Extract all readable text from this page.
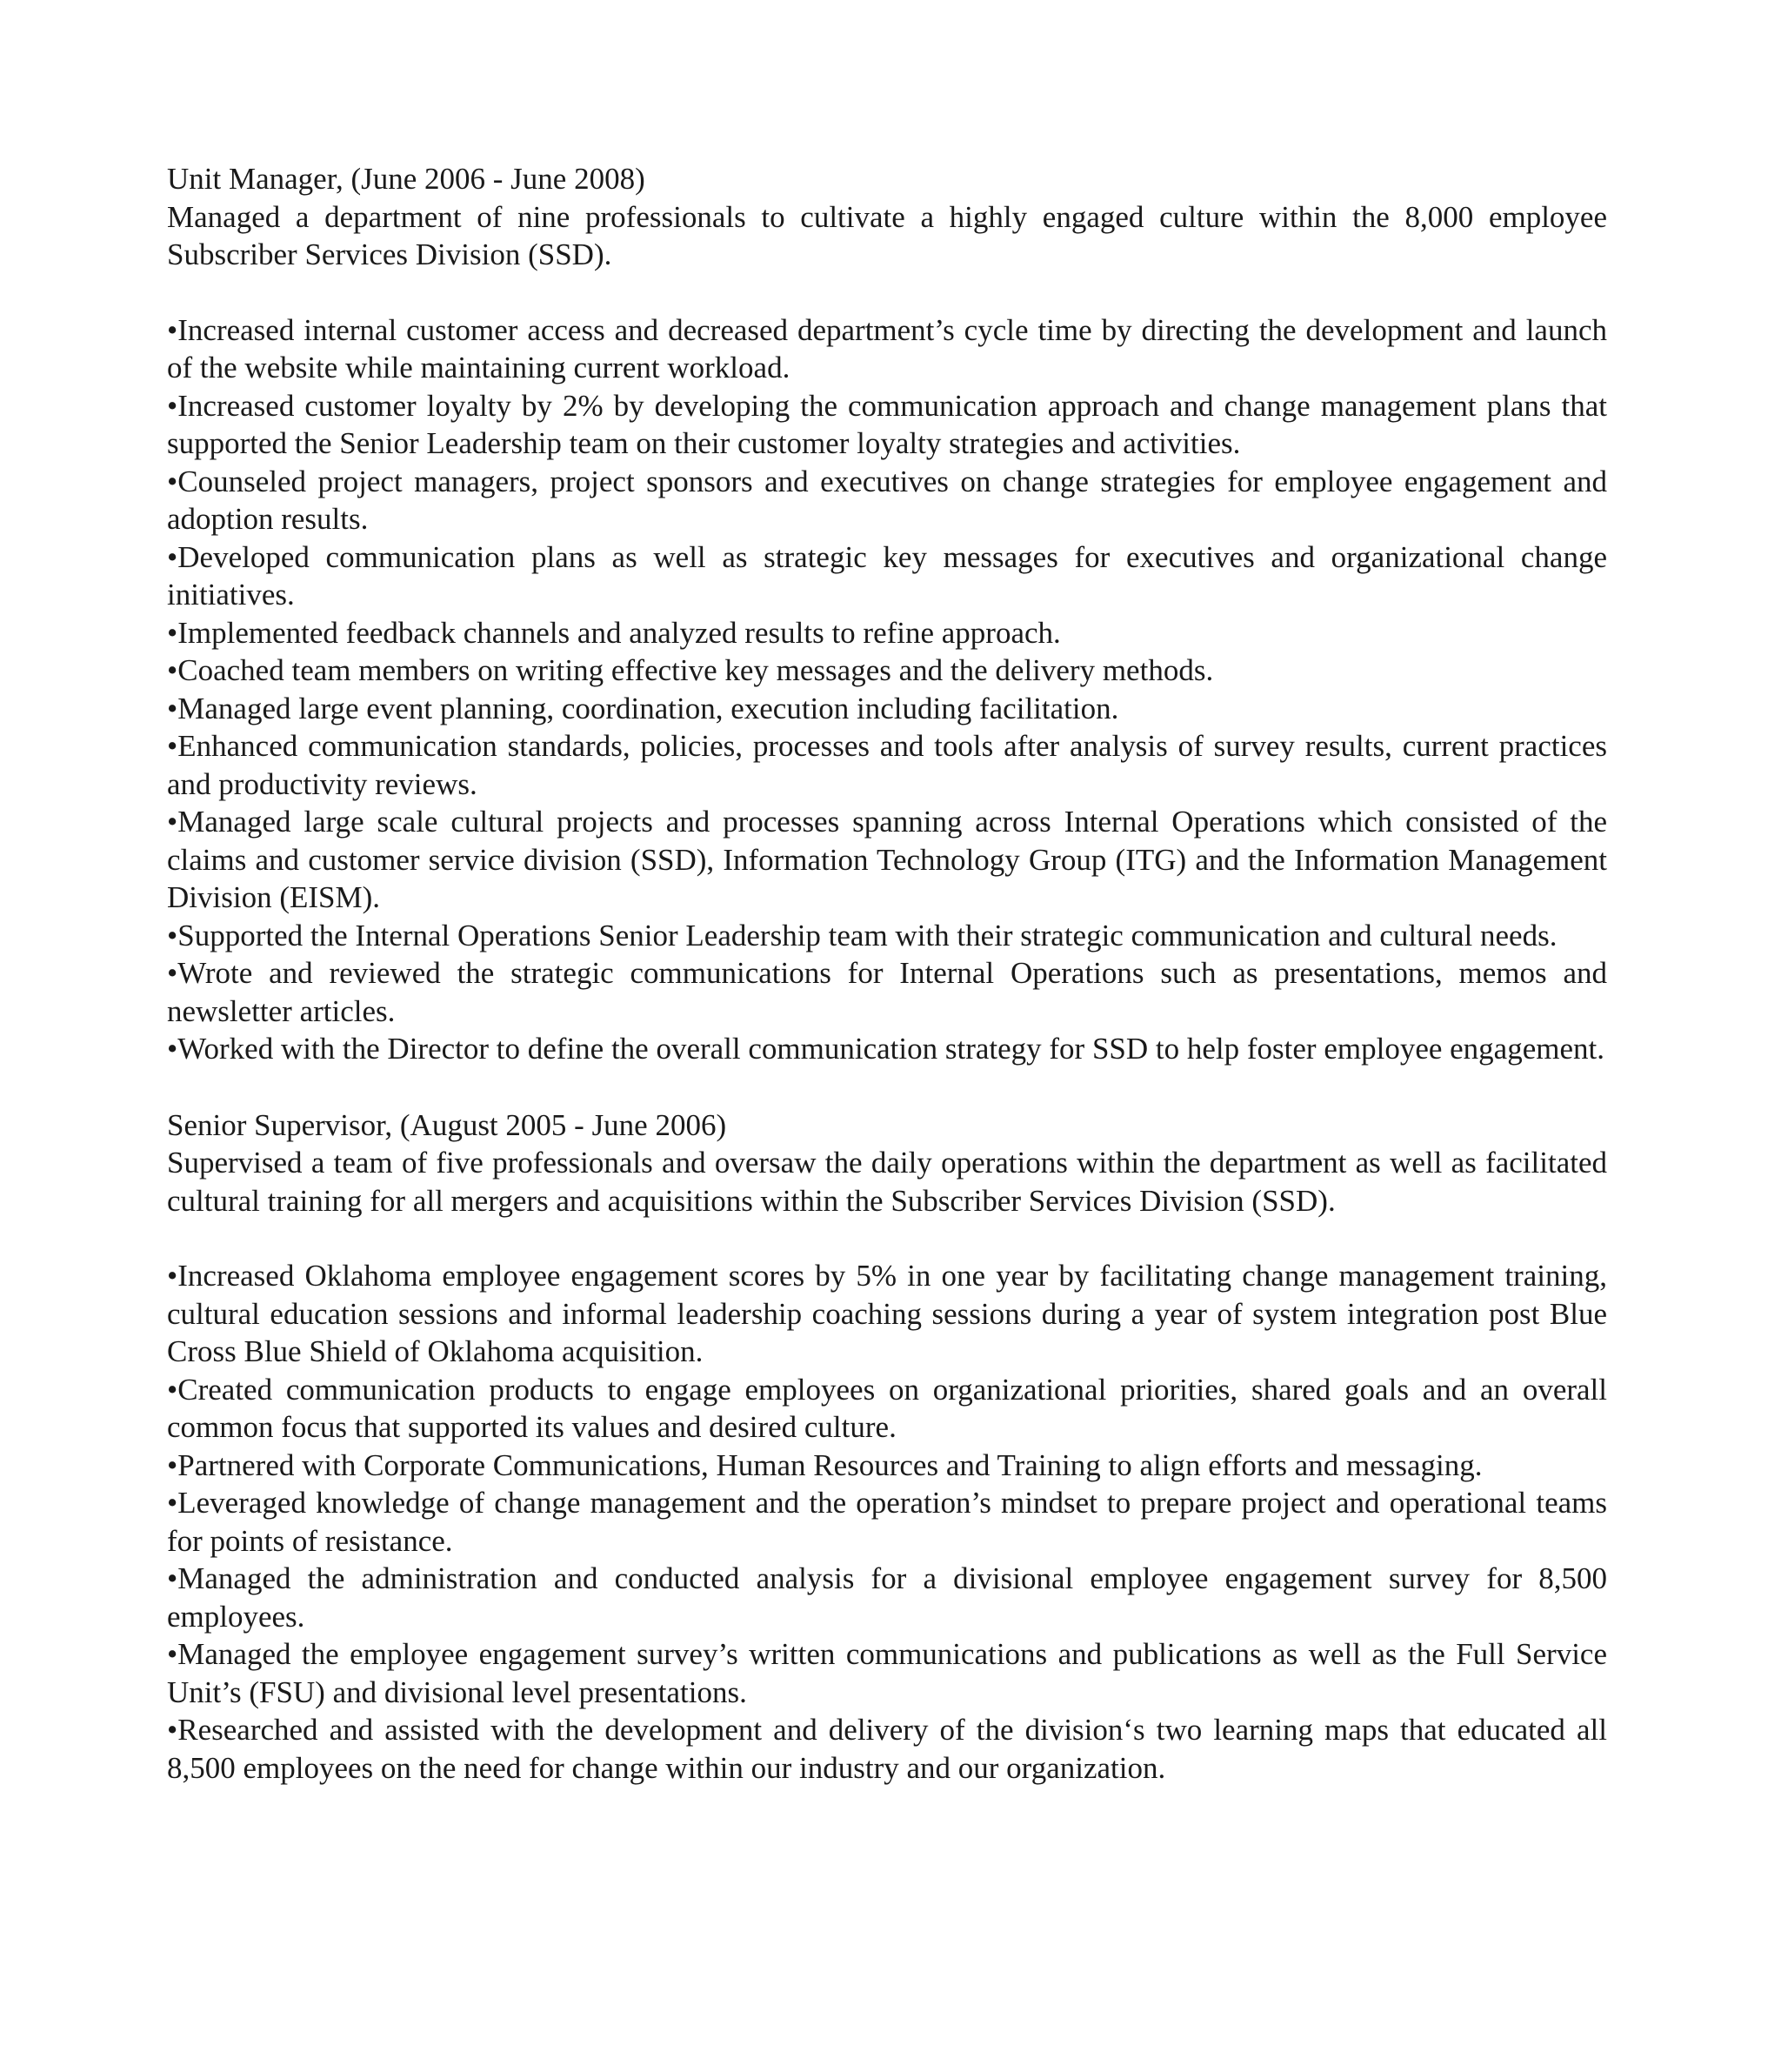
Unit Manager, (June 2006 - June 2008)

Managed a department of nine professionals to cultivate a highly engaged culture within the 8,000 employee Subscriber Services Division (SSD).

•Increased internal customer access and decreased department’s cycle time by directing the development and launch of the website while maintaining current workload.
•Increased customer loyalty by 2% by developing the communication approach and change management plans that supported the Senior Leadership team on their customer loyalty strategies and activities.
•Counseled project managers, project sponsors and executives on change strategies for employee engagement and adoption results.
•Developed communication plans as well as strategic key messages for executives and organizational change initiatives.
•Implemented feedback channels and analyzed results to refine approach.
•Coached team members on writing effective key messages and the delivery methods.
•Managed large event planning, coordination, execution including facilitation.
•Enhanced communication standards, policies, processes and tools after analysis of survey results, current practices and productivity reviews.
•Managed large scale cultural projects and processes spanning across Internal Operations which consisted of the claims and customer service division (SSD), Information Technology Group (ITG) and the Information Management Division (EISM).
•Supported the Internal Operations Senior Leadership team with their strategic communication and cultural needs.
•Wrote and reviewed the strategic communications for Internal Operations such as presentations, memos and newsletter articles.
•Worked with the Director to define the overall communication strategy for SSD to help foster employee engagement.

Senior Supervisor, (August 2005 - June 2006)

Supervised a team of five professionals and oversaw the daily operations within the department as well as facilitated cultural training for all mergers and acquisitions within the Subscriber Services Division (SSD).

•Increased Oklahoma employee engagement scores by 5% in one year by facilitating change management training, cultural education sessions and informal leadership coaching sessions during a year of system integration post Blue Cross Blue Shield of Oklahoma acquisition.
•Created communication products to engage employees on organizational priorities, shared goals and an overall common focus that supported its values and desired culture.
•Partnered with Corporate Communications, Human Resources and Training to align efforts and messaging.
•Leveraged knowledge of change management and the operation’s mindset to prepare project and operational teams for points of resistance.
•Managed the administration and conducted analysis for a divisional employee engagement survey for 8,500 employees.
•Managed the employee engagement survey’s written communications and publications as well as the Full Service Unit’s (FSU) and divisional level presentations.
•Researched and assisted with the development and delivery of the division‘s two learning maps that educated all 8,500 employees on the need for change within our industry and our organization.
